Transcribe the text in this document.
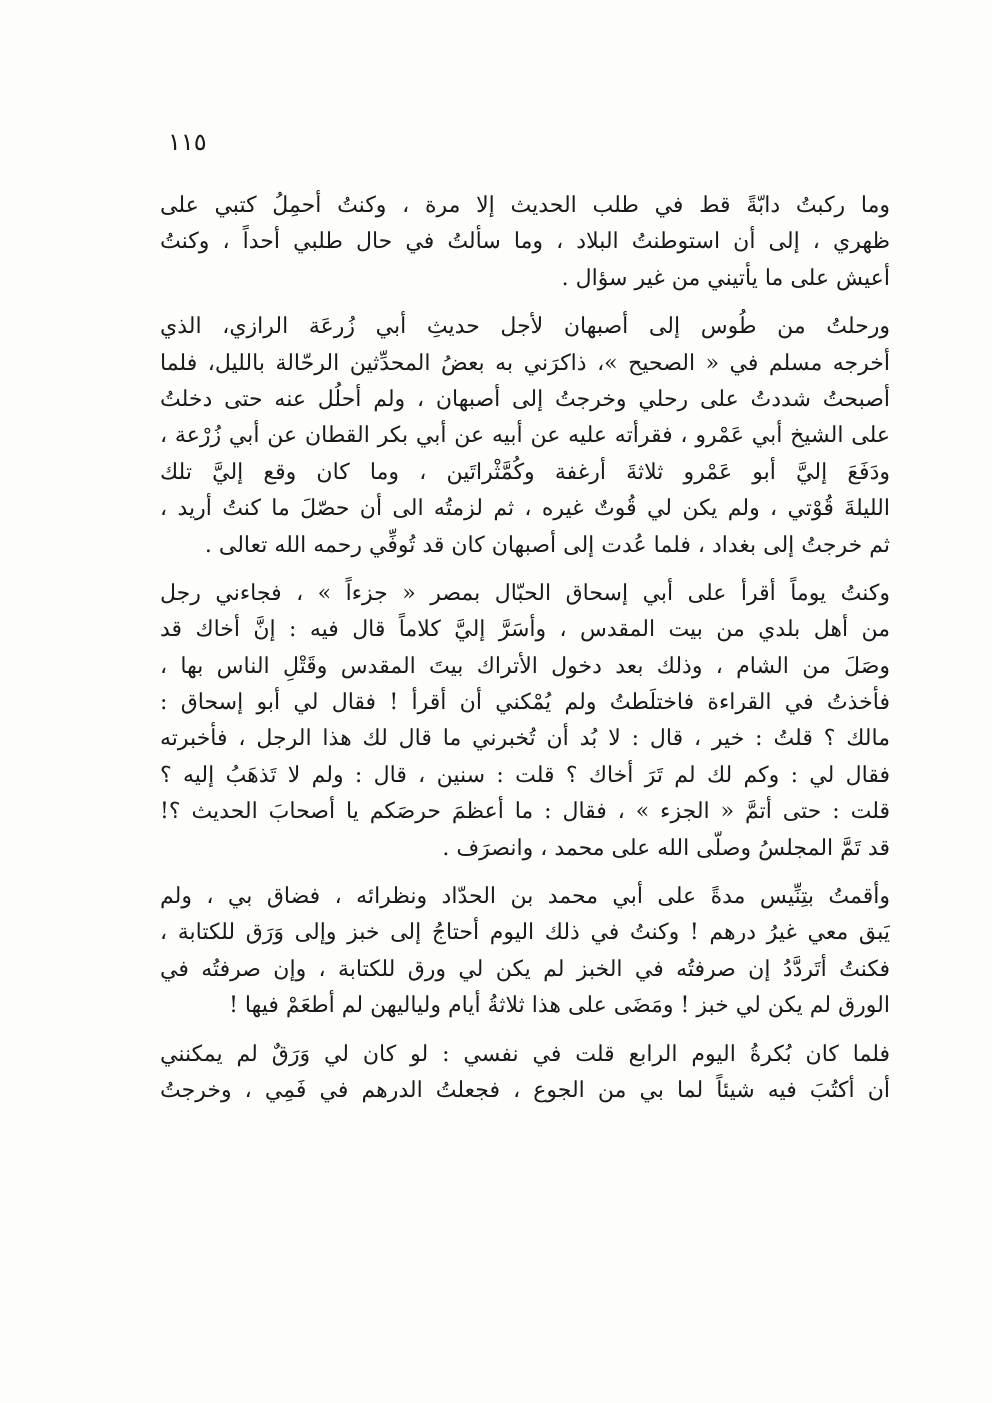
١١٥
وما ركبتُ دابّةً قط في طلب الحديث إلا مرة ، وكنتُ أحمِلُ كتبي على
ظهري ، إلى أن استوطنتُ البلاد ، وما سألتُ في حال طلبي أحداً ، وكنتُ
أعيش على ما يأتيني من غير سؤال .
ورحلتُ من طُوس إلى أصبهان لأجل حديثِ أبي زُرعَة الرازي، الذي
أخرجه مسلم في « الصحيح »، ذاكرَني به بعضُ المحدِّثين الرحّالة بالليل، فلما
أصبحتُ شددتُ على رحلي وخرجتُ إلى أصبهان ، ولم أحلُل عنه حتى دخلتُ
على الشيخ أبي عَمْرو ، فقرأته عليه عن أبيه عن أبي بكر القطان عن أبي زُرْعة ،
ودَفَعَ إليَّ أبو عَمْرو ثلاثةَ أرغفة وكُمَّثْراتَين ، وما كان وقع إليَّ تلك
الليلةَ قُوْتي ، ولم يكن لي قُوتٌ غيره ، ثم لزمتُه الى أن حصّلَ ما كنتُ أريد ،
ثم خرجتُ إلى بغداد ، فلما عُدت إلى أصبهان كان قد تُوفِّي رحمه الله تعالى .
وكنتُ يوماً أقرأ على أبي إسحاق الحبّال بمصر « جزءاً » ، فجاءني رجل
من أهل بلدي من بيت المقدس ، وأسَرَّ إليَّ كلاماً قال فيه : إنَّ أخاك قد
وصَلَ من الشام ، وذلك بعد دخول الأتراك بيتَ المقدس وقَتْلِ الناس بها ،
فأخذتُ في القراءة فاختلَطتُ ولم يُمْكني أن أقرأ ! فقال لي أبو إسحاق :
مالك ؟ قلتُ : خير ، قال : لا بُد أن تُخبرني ما قال لك هذا الرجل ، فأخبرته
فقال لي : وكم لك لم تَرَ أخاك ؟ قلت : سنين ، قال : ولم لا تَذهَبُ إليه ؟
قلت : حتى أتمَّ « الجزء » ، فقال : ما أعظمَ حرصَكم يا أصحابَ الحديث ؟!
قد تَمَّ المجلسُ وصلّى الله على محمد ، وانصرَف .
وأقمتُ بتِنِّيس مدةً على أبي محمد بن الحدّاد ونظرائه ، فضاق بي ، ولم
يَبق معي غيرُ درهم ! وكنتُ في ذلك اليوم أحتاجُ إلى خبز وإلى وَرَق للكتابة ،
فكنتُ أتَردَّدُ إن صرفتُه في الخبز لم يكن لي ورق للكتابة ، وإن صرفتُه في
الورق لم يكن لي خبز ! ومَضَى على هذا ثلاثةُ أيام ولياليهن لم أطعَمْ فيها !
فلما كان بُكرةُ اليوم الرابع قلت في نفسي : لو كان لي وَرَقٌ لم يمكنني
أن أكتُبَ فيه شيئاً لما بي من الجوع ، فجعلتُ الدرهم في فَمِي ، وخرجتُ
